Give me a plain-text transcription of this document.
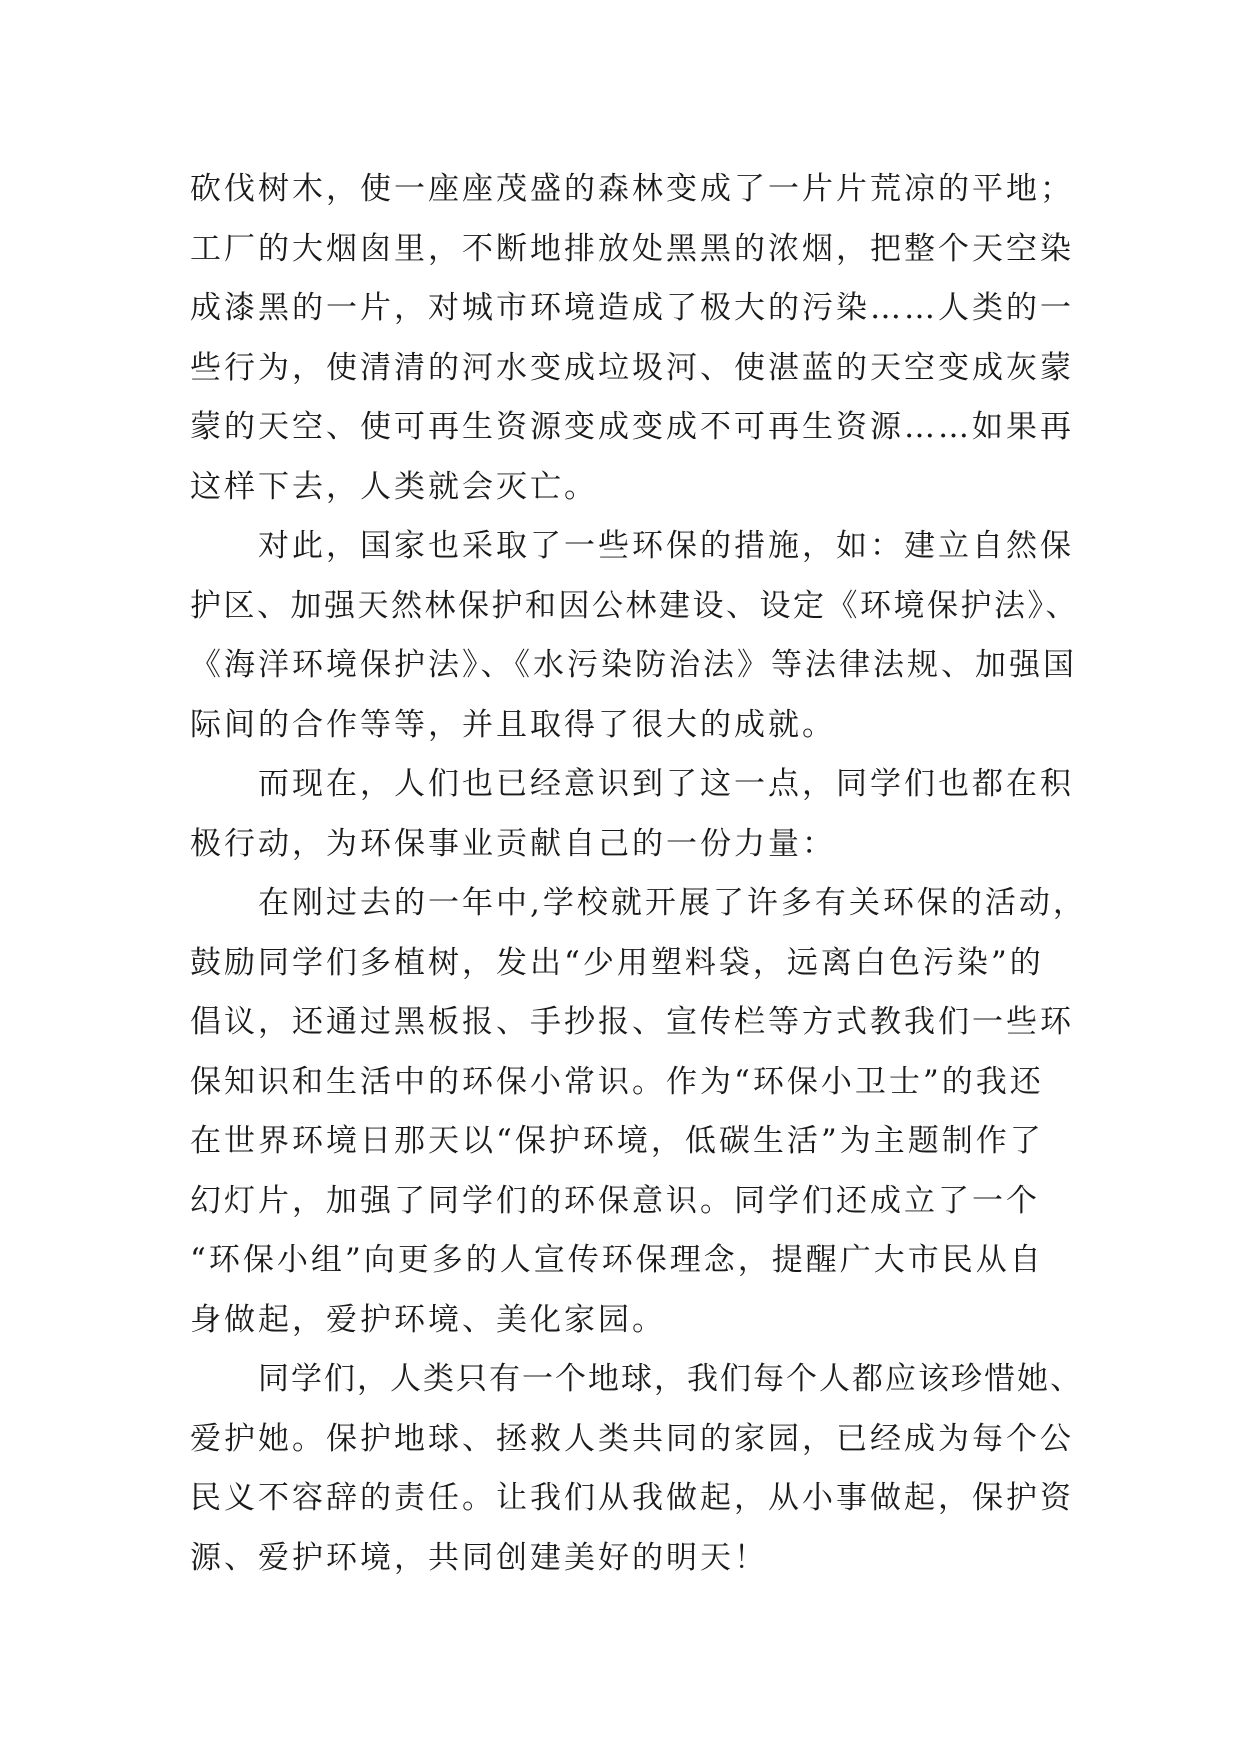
砍伐树木，使一座座茂盛的森林变成了一片片荒凉的平地；
工厂的大烟囱里，不断地排放处黑黑的浓烟，把整个天空染
成漆黑的一片，对城市环境造成了极大的污染……人类的一
些行为，使清清的河水变成垃圾河、使湛蓝的天空变成灰蒙
蒙的天空、使可再生资源变成变成不可再生资源……如果再
这样下去，人类就会灭亡。
对此，国家也采取了一些环保的措施，如：建立自然保
护区、加强天然林保护和因公林建设、设定《环境保护法》、
《海洋环境保护法》、《水污染防治法》等法律法规、加强国
际间的合作等等，并且取得了很大的成就。
而现在，人们也已经意识到了这一点，同学们也都在积
极行动，为环保事业贡献自己的一份力量：
在刚过去的一年中,学校就开展了许多有关环保的活动，
鼓励同学们多植树，发出“少用塑料袋，远离白色污染”的
倡议，还通过黑板报、手抄报、宣传栏等方式教我们一些环
保知识和生活中的环保小常识。作为“环保小卫士”的我还
在世界环境日那天以“保护环境，低碳生活”为主题制作了
幻灯片，加强了同学们的环保意识。同学们还成立了一个
“环保小组”向更多的人宣传环保理念，提醒广大市民从自
身做起，爱护环境、美化家园。
同学们，人类只有一个地球，我们每个人都应该珍惜她、
爱护她。保护地球、拯救人类共同的家园，已经成为每个公
民义不容辞的责任。让我们从我做起，从小事做起，保护资
源、爱护环境，共同创建美好的明天！
